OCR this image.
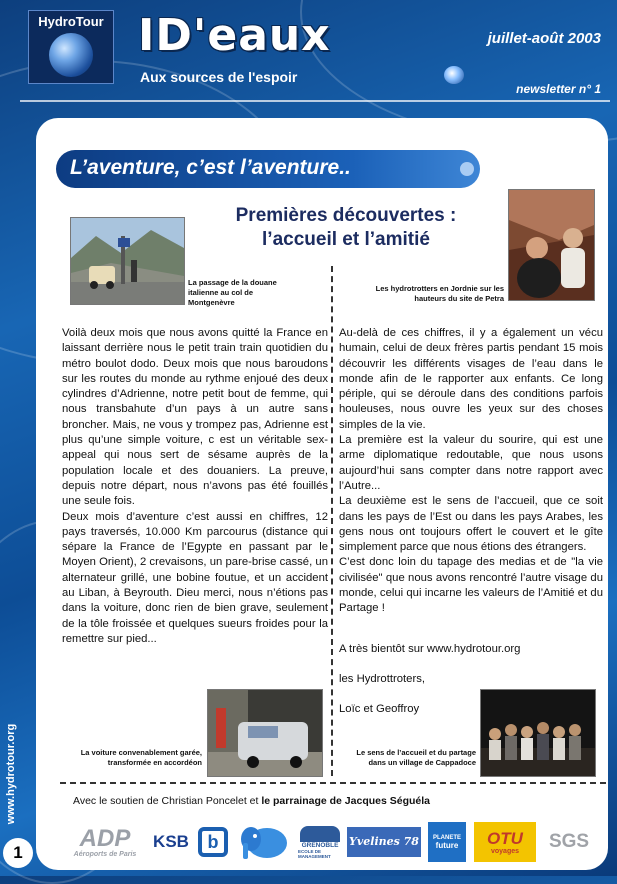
HydroTour ID'eaux
Aux sources de l'espoir
juillet-août 2003
newsletter n° 1
L’aventure, c’est l’aventure..
Premières découvertes :
l’accueil et l’amitié
La passage de la douane italienne au col de Montgenèvre
Les hydrotrotters en Jordnie sur les hauteurs du site de Petra

Voilà deux mois que nous avons quitté la France en laissant derrière nous le petit train train quotidien du métro boulot dodo. Deux mois que nous baroudons sur les routes du monde au rythme enjoué des deux cylindres d’Adrienne, notre petit bout de femme, qui nous transbahute d’un pays à un autre sans broncher. Mais, ne vous y trompez pas, Adrienne est plus qu’une simple voiture, c est un véritable sex-appeal qui nous sert de sésame auprès de la population locale et des douaniers. La preuve, depuis notre départ, nous n’avons pas été fouillés une seule fois.

Deux mois d’aventure c’est aussi en chiffres, 12 pays traversés, 10.000 Km parcourus (distance qui sépare la France de l’Egypte en passant par le Moyen Orient), 2 crevaisons, un pare-brise cassé, un alternateur grillé, une bobine foutue, et un accident au Liban, à Beyrouth. Dieu merci, nous n’étions pas dans la voiture, donc rien de bien grave, seulement de la tôle froissée et quelques sueurs froides pour la remettre sur pied...

Au-delà de ces chiffres, il y a également un vécu humain, celui de deux frères partis pendant 15 mois découvrir les différents visages de l’eau dans le monde afin de le rapporter aux enfants. Ce long périple, qui se déroule dans des conditions parfois houleuses, nous ouvre les yeux sur des choses simples de la vie.

La première est la valeur du sourire, qui est une arme diplomatique redoutable, que nous usons aujourd’hui sans compter dans notre rapport avec l’Autre...

La deuxième est le sens de l’accueil, que ce soit dans les pays de l’Est ou dans les pays Arabes, les gens nous ont toujours offert le couvert et le gîte simplement parce que nous étions des étrangers.

C’est donc loin du tapage des medias et de "la vie civilisée" que nous avons rencontré l’autre visage du monde, celui qui incarne les valeurs de l’Amitié et du Partage !

A très bientôt sur www.hydrotour.org
les Hydrottroters,
Loïc et Geoffroy
La voiture convenablement garée, transformée en accordéon
Le sens de l’accueil et du partage dans un village de Cappadoce
Avec le soutien de Christian Poncelet et le parrainage de Jacques Séguéla
ADP
Aéroports de Paris
KSB	b	GRENOBLE
ECOLE DE MANAGEMENT
Yvelines 78	PLANETE
future OTU
voyages SGS
www.hydrotour.org
1
